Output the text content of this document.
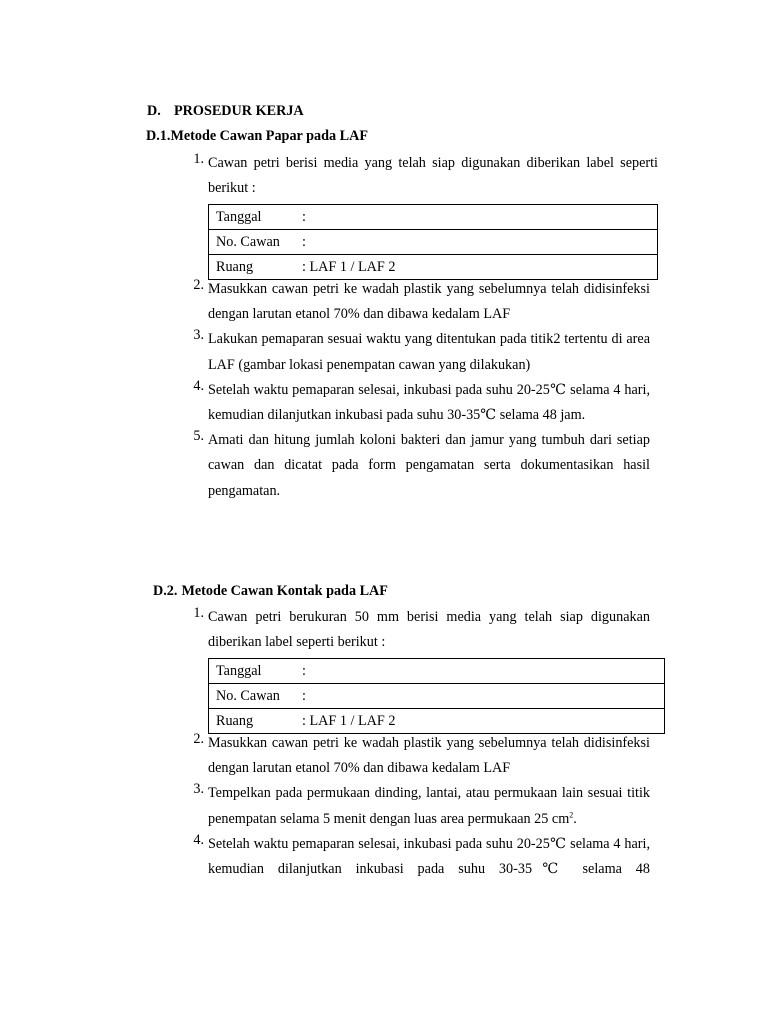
D. PROSEDUR KERJA
D.1.Metode Cawan Papar pada LAF
1. Cawan petri berisi media yang telah siap digunakan diberikan label seperti berikut :
Tanggal	:
No. Cawan	:
Ruang	: LAF 1 / LAF 2
2. Masukkan cawan petri ke wadah plastik yang sebelumnya telah didisinfeksi dengan larutan etanol 70% dan dibawa kedalam LAF
3. Lakukan pemaparan sesuai waktu yang ditentukan pada titik2 tertentu di area LAF (gambar lokasi penempatan cawan yang dilakukan)
4. Setelah waktu pemaparan selesai, inkubasi pada suhu 20-25℃ selama 4 hari, kemudian dilanjutkan inkubasi pada suhu 30-35℃ selama 48 jam.
5. Amati dan hitung jumlah koloni bakteri dan jamur yang tumbuh dari setiap cawan dan dicatat pada form pengamatan serta dokumentasikan hasil pengamatan.
D.2. Metode Cawan Kontak pada LAF
1. Cawan petri berukuran 50 mm berisi media yang telah siap digunakan diberikan label seperti berikut :
Tanggal	:
No. Cawan	:
Ruang	: LAF 1 / LAF 2
2. Masukkan cawan petri ke wadah plastik yang sebelumnya telah didisinfeksi dengan larutan etanol 70% dan dibawa kedalam LAF
3. Tempelkan pada permukaan dinding, lantai, atau permukaan lain sesuai titik penempatan selama 5 menit dengan luas area permukaan 25 $cm^2$.
4. Setelah waktu pemaparan selesai, inkubasi pada suhu 20-25℃ selama 4 hari, kemudian dilanjutkan inkubasi pada suhu 30-35℃ selama 48
